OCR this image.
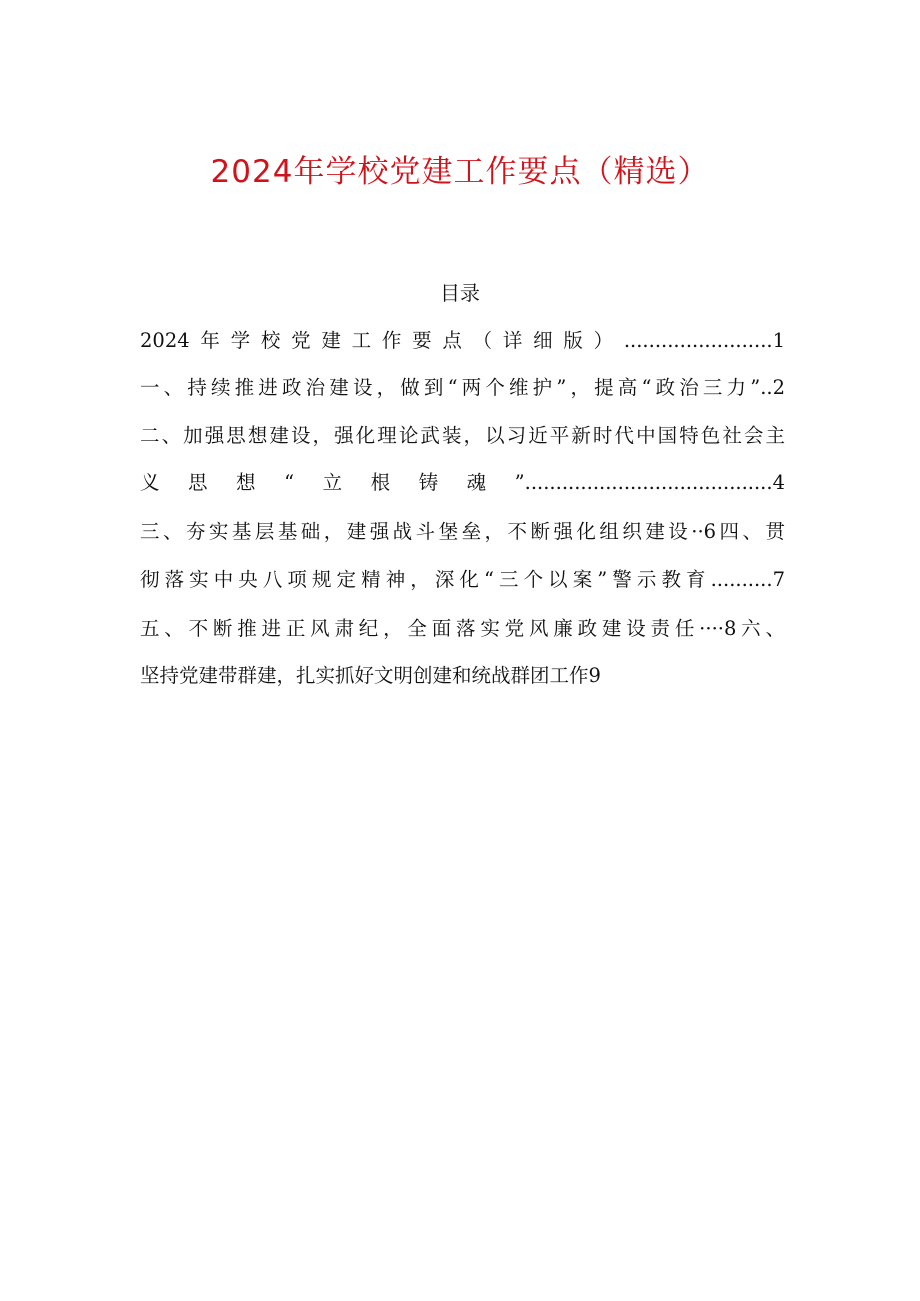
2024年学校党建工作要点（精选）
目录
2024年学校党建工作要点（详细版）........................1
一、持续推进政治建设，做到“两个维护”，提高“政治三力”..2
二、加强思想建设，强化理论武装，以习近平新时代中国特色社会主
义思想“立根铸魂”........................................4
三、夯实基层基础，建强战斗堡垒，不断强化组织建设··6四、贯
彻落实中央八项规定精神，深化“三个以案”警示教育..........7
五、不断推进正风肃纪，全面落实党风廉政建设责任····8六、
坚持党建带群建，扎实抓好文明创建和统战群团工作9
